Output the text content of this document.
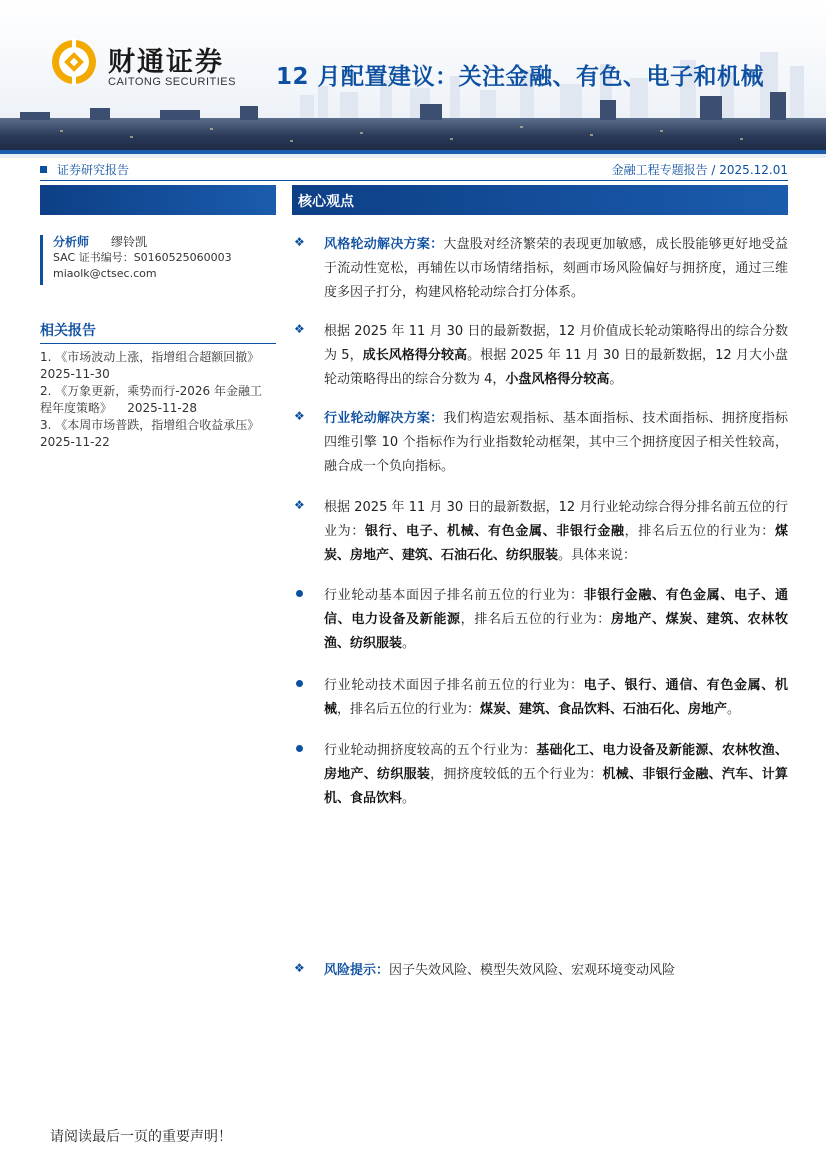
财通证券
CAITONG SECURITIES 12 月配置建议：关注金融、有色、电子和机械
证券研究报告	金融工程专题报告 / 2025.12.01
分析师 缪铃凯
SAC 证书编号：S0160525060003
miaolk@ctsec.com
相关报告
1. 《市场波动上涨，指增组合超额回撤》
2025-11-30
2. 《万象更新，乘势而行-2026 年金融工
程年度策略》    2025-11-28
3. 《本周市场普跌，指增组合收益承压》
2025-11-22
核心观点
❖ 风格轮动解决方案：大盘股对经济繁荣的表现更加敏感，成长股能够更好地受益于流动性宽松，再辅佐以市场情绪指标，刻画市场风险偏好与拥挤度，通过三维度多因子打分，构建风格轮动综合打分体系。

❖ 根据 2025 年 11 月 30 日的最新数据，12 月价值成长轮动策略得出的综合分数为 5，成长风格得分较高。根据 2025 年 11 月 30 日的最新数据，12 月大小盘轮动策略得出的综合分数为 4，小盘风格得分较高。

❖ 行业轮动解决方案：我们构造宏观指标、基本面指标、技术面指标、拥挤度指标四维引擎 10 个指标作为行业指数轮动框架，其中三个拥挤度因子相关性较高，融合成一个负向指标。

❖ 根据 2025 年 11 月 30 日的最新数据，12 月行业轮动综合得分排名前五位的行业为：银行、电子、机械、有色金属、非银行金融，排名后五位的行业为：煤炭、房地产、建筑、石油石化、纺织服装。具体来说：

行业轮动基本面因子排名前五位的行业为：非银行金融、有色金属、电子、通信、电力设备及新能源，排名后五位的行业为：房地产、煤炭、建筑、农林牧渔、纺织服装。

行业轮动技术面因子排名前五位的行业为：电子、银行、通信、有色金属、机械，排名后五位的行业为：煤炭、建筑、食品饮料、石油石化、房地产。

行业轮动拥挤度较高的五个行业为：基础化工、电力设备及新能源、农林牧渔、房地产、纺织服装，拥挤度较低的五个行业为：机械、非银行金融、汽车、计算机、食品饮料。

❖ 风险提示：因子失效风险、模型失效风险、宏观环境变动风险

请阅读最后一页的重要声明！
